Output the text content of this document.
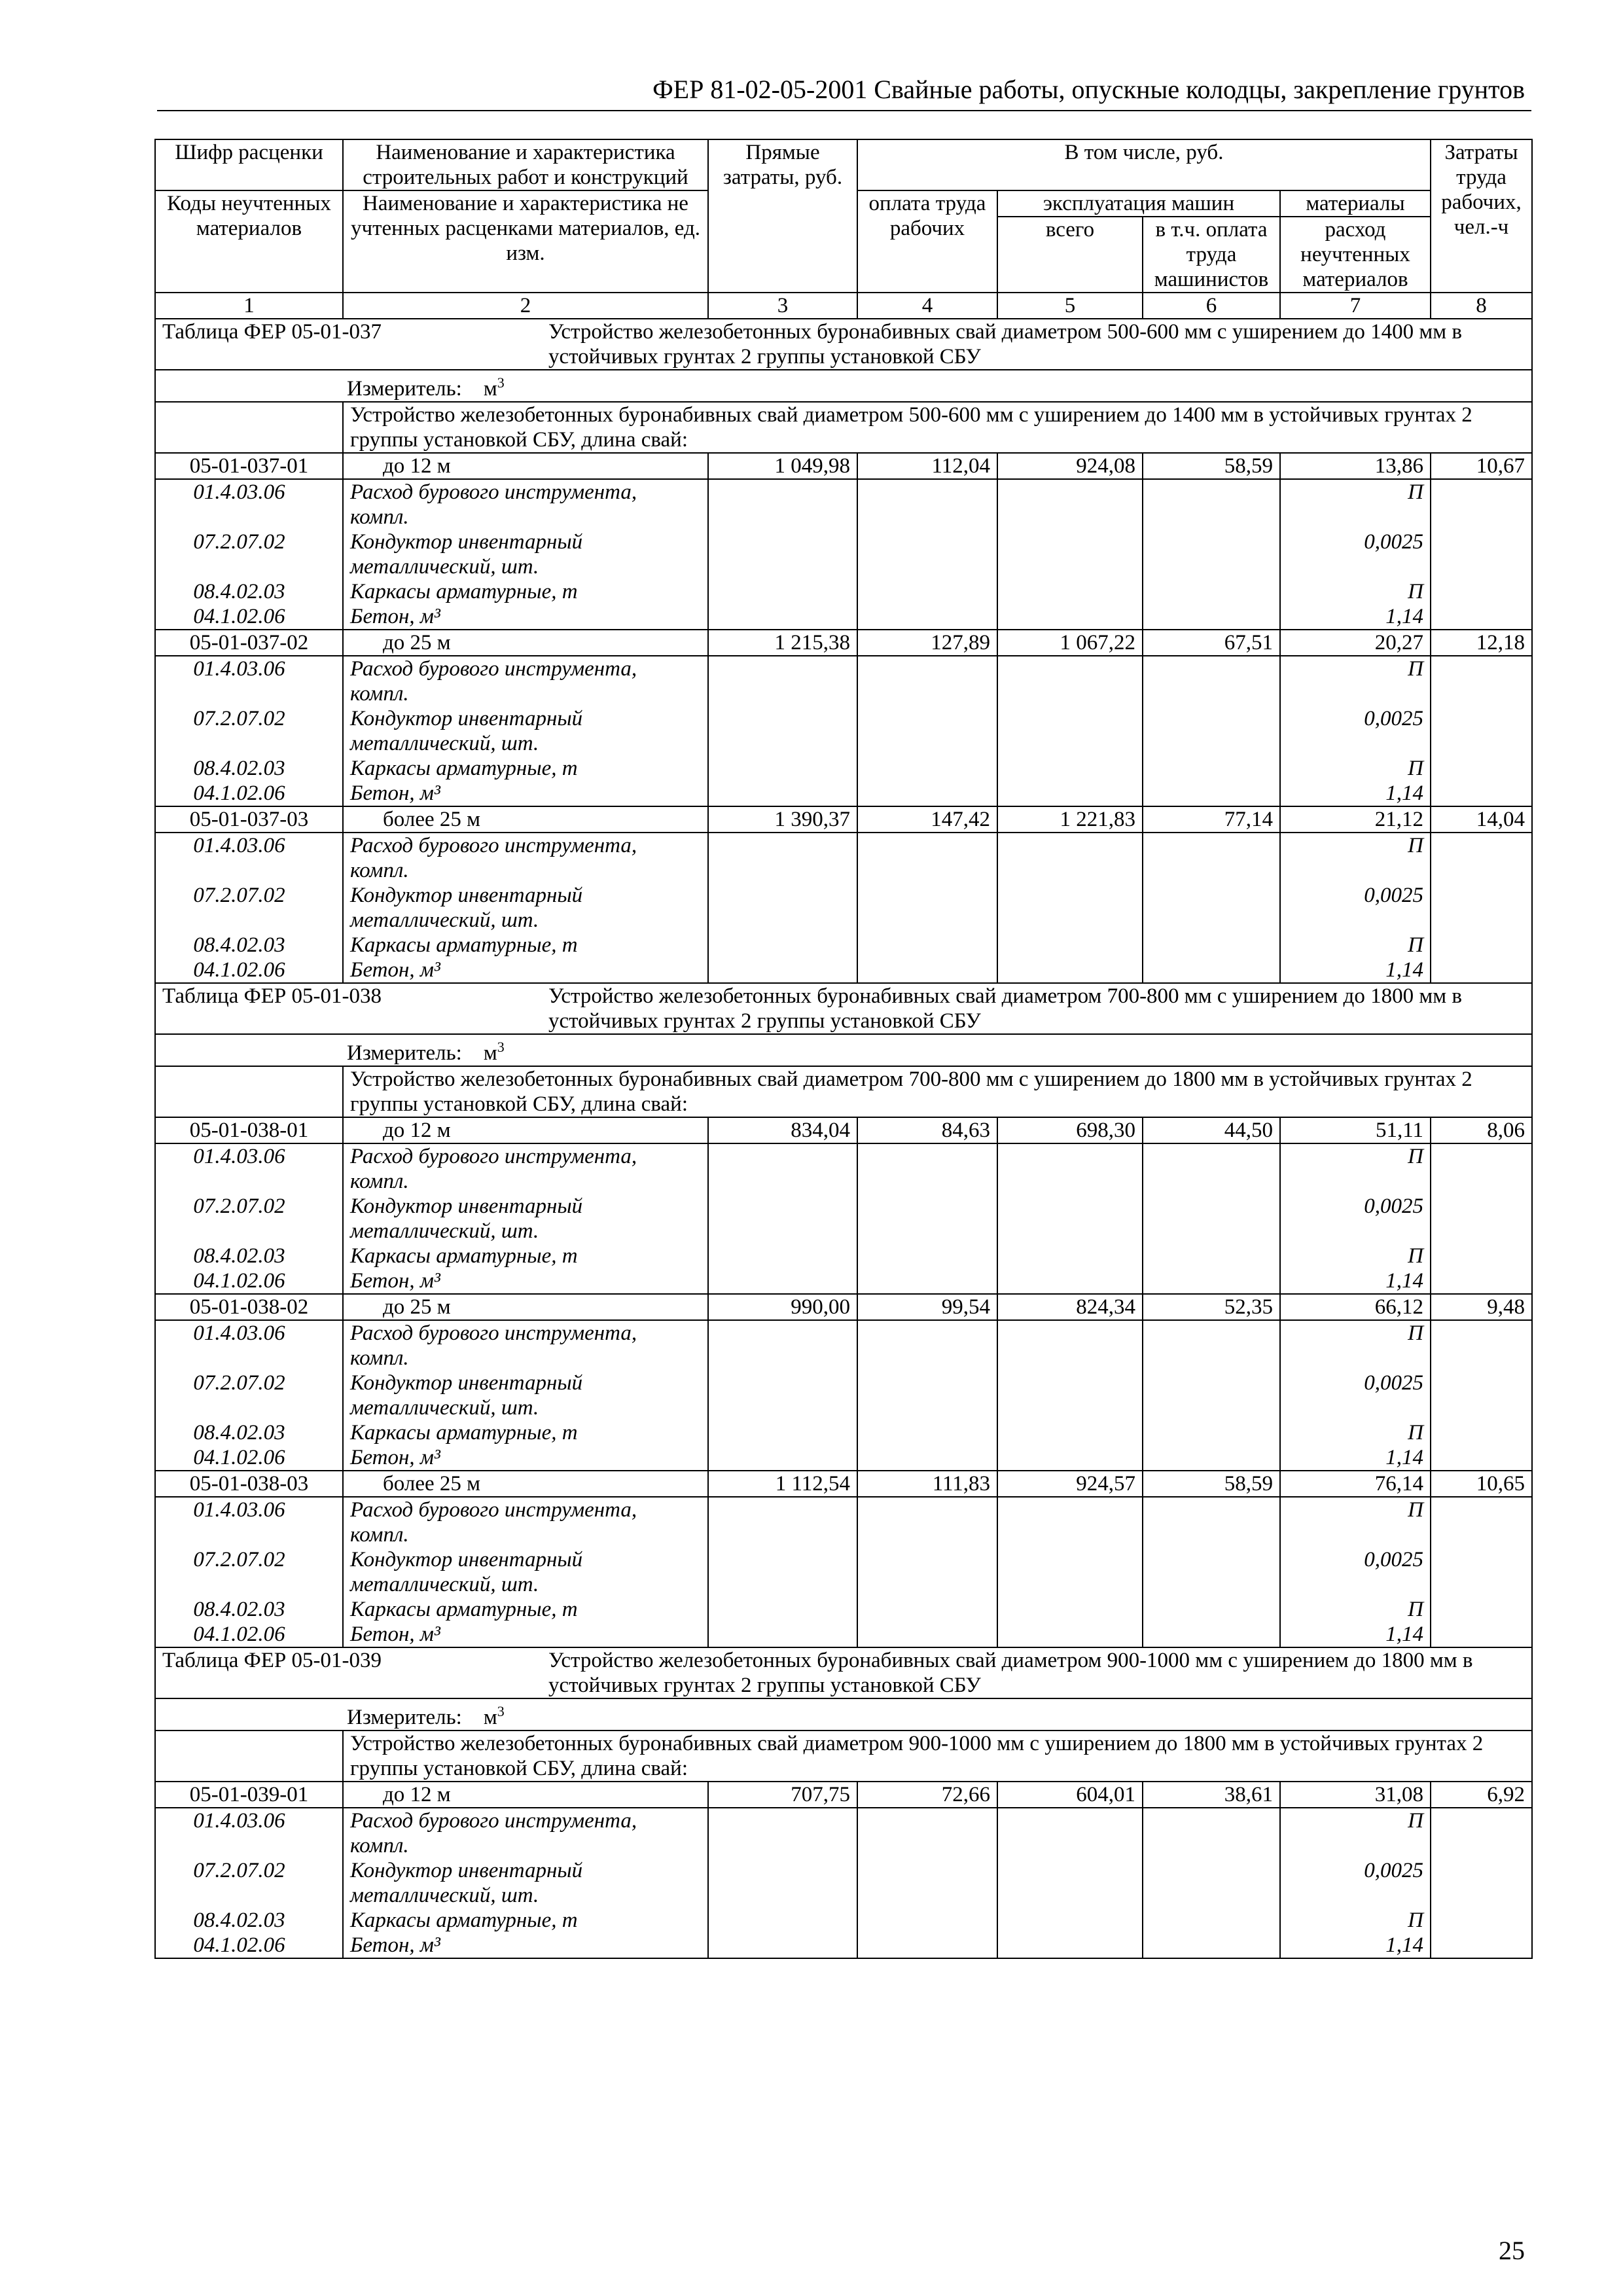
ФЕР 81-02-05-2001 Свайные работы, опускные колодцы, закрепление грунтов
Шифр расценки	Наименование и характеристика строительных работ и конструкций	Прямые затраты, руб.	В том числе, руб.				Затраты труда рабочих, чел.-ч
Коды неучтенных материалов	Наименование и характеристика не учтенных расценками материалов, ед. изм.						
			оплата труда рабочих	эксплуатация машин		материалы	
				всего	в т.ч. оплата труда машинистов	расход неучтенных материалов	
1	2	3	4	5	6	7	8
Таблица ФЕР 05-01-037 Устройство железобетонных буронабивных свай диаметром 500-600 мм с уширением до 1400 мм в устойчивых грунтах 2 группы установкой СБУ							
Измеритель: $м^3$
	Устройство железобетонных буронабивных свай диаметром 500-600 мм с уширением до 1400 мм в устойчивых грунтах 2 группы установкой СБУ, длина свай:						
05-01-037-01	до 12 м	1 049,98	112,04	924,08	58,59	13,86	10,67
01.4.03.06	Расход бурового инструмента, компл.					П	
07.2.07.02	Кондуктор инвентарный металлический, шт.					0,0025	
08.4.02.03	Каркасы арматурные, т					П	
04.1.02.06	Бетон, м³					1,14	
05-01-037-02	до 25 м	1 215,38	127,89	1 067,22	67,51	20,27	12,18
01.4.03.06	Расход бурового инструмента, компл.					П	
07.2.07.02	Кондуктор инвентарный металлический, шт.					0,0025	
08.4.02.03	Каркасы арматурные, т					П	
04.1.02.06	Бетон, м³					1,14	
05-01-037-03	более 25 м	1 390,37	147,42	1 221,83	77,14	21,12	14,04
01.4.03.06	Расход бурового инструмента, компл.					П	
07.2.07.02	Кондуктор инвентарный металлический, шт.					0,0025	
08.4.02.03	Каркасы арматурные, т					П	
04.1.02.06	Бетон, м³					1,14	
Таблица ФЕР 05-01-038 Устройство железобетонных буронабивных свай диаметром 700-800 мм с уширением до 1800 мм в устойчивых грунтах 2 группы установкой СБУ							
Измеритель: $м^3$
	Устройство железобетонных буронабивных свай диаметром 700-800 мм с уширением до 1800 мм в устойчивых грунтах 2 группы установкой СБУ, длина свай:						
05-01-038-01	до 12 м	834,04	84,63	698,30	44,50	51,11	8,06
01.4.03.06	Расход бурового инструмента, компл.					П	
07.2.07.02	Кондуктор инвентарный металлический, шт.					0,0025	
08.4.02.03	Каркасы арматурные, т					П	
04.1.02.06	Бетон, м³					1,14	
05-01-038-02	до 25 м	990,00	99,54	824,34	52,35	66,12	9,48
01.4.03.06	Расход бурового инструмента, компл.					П	
07.2.07.02	Кондуктор инвентарный металлический, шт.					0,0025	
08.4.02.03	Каркасы арматурные, т					П	
04.1.02.06	Бетон, м³					1,14	
05-01-038-03	более 25 м	1 112,54	111,83	924,57	58,59	76,14	10,65
01.4.03.06	Расход бурового инструмента, компл.					П	
07.2.07.02	Кондуктор инвентарный металлический, шт.					0,0025	
08.4.02.03	Каркасы арматурные, т					П	
04.1.02.06	Бетон, м³					1,14	
Таблица ФЕР 05-01-039 Устройство железобетонных буронабивных свай диаметром 900-1000 мм с уширением до 1800 мм в устойчивых грунтах 2 группы установкой СБУ							
Измеритель: $м^3$
	Устройство железобетонных буронабивных свай диаметром 900-1000 мм с уширением до 1800 мм в устойчивых грунтах 2 группы установкой СБУ, длина свай:						
05-01-039-01	до 12 м	707,75	72,66	604,01	38,61	31,08	6,92
01.4.03.06	Расход бурового инструмента, компл.					П	
07.2.07.02	Кондуктор инвентарный металлический, шт.					0,0025	
08.4.02.03	Каркасы арматурные, т					П	
04.1.02.06	Бетон, м³					1,14	
25
